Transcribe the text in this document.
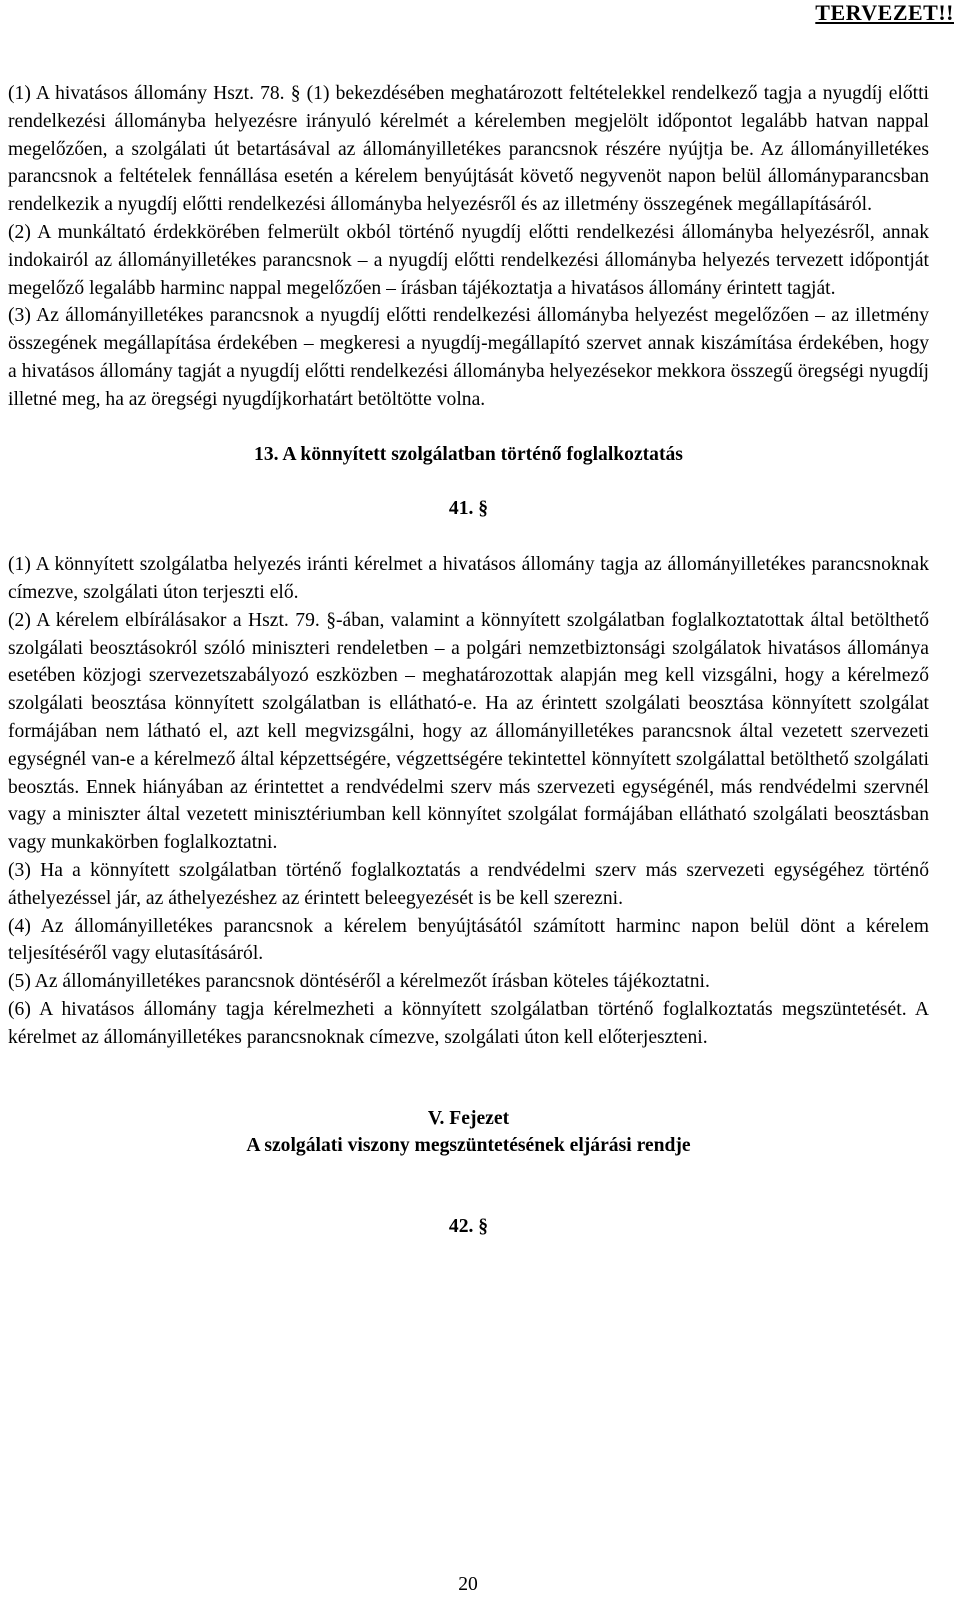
TERVEZET!!

(1) A hivatásos állomány Hszt. 78. § (1) bekezdésében meghatározott feltételekkel rendelkező tagja a nyugdíj előtti rendelkezési állományba helyezésre irányuló kérelmét a kérelemben megjelölt időpontot legalább hatvan nappal megelőzően, a szolgálati út betartásával az állományilletékes parancsnok részére nyújtja be. Az állományilletékes parancsnok a feltételek fennállása esetén a kérelem benyújtását követő negyvenöt napon belül állományparancsban rendelkezik a nyugdíj előtti rendelkezési állományba helyezésről és az illetmény összegének megállapításáról.

(2) A munkáltató érdekkörében felmerült okból történő nyugdíj előtti rendelkezési állományba helyezésről, annak indokairól az állományilletékes parancsnok – a nyugdíj előtti rendelkezési állományba helyezés tervezett időpontját megelőző legalább harminc nappal megelőzően – írásban tájékoztatja a hivatásos állomány érintett tagját.

(3) Az állományilletékes parancsnok a nyugdíj előtti rendelkezési állományba helyezést megelőzően – az illetmény összegének megállapítása érdekében – megkeresi a nyugdíj-megállapító szervet annak kiszámítása érdekében, hogy a hivatásos állomány tagját a nyugdíj előtti rendelkezési állományba helyezésekor mekkora összegű öregségi nyugdíj illetné meg, ha az öregségi nyugdíjkorhatárt betöltötte volna.

13. A könnyített szolgálatban történő foglalkoztatás

41. §

(1) A könnyített szolgálatba helyezés iránti kérelmet a hivatásos állomány tagja az állományilletékes parancsnoknak címezve, szolgálati úton terjeszti elő.

(2) A kérelem elbírálásakor a Hszt. 79. §-ában, valamint a könnyített szolgálatban foglalkoztatottak által betölthető szolgálati beosztásokról szóló miniszteri rendeletben – a polgári nemzetbiztonsági szolgálatok hivatásos állománya esetében közjogi szervezetszabályozó eszközben – meghatározottak alapján meg kell vizsgálni, hogy a kérelmező szolgálati beosztása könnyített szolgálatban is ellátható-e. Ha az érintett szolgálati beosztása könnyített szolgálat formájában nem látható el, azt kell megvizsgálni, hogy az állományilletékes parancsnok által vezetett szervezeti egységnél van-e a kérelmező által képzettségére, végzettségére tekintettel könnyített szolgálattal betölthető szolgálati beosztás. Ennek hiányában az érintettet a rendvédelmi szerv más szervezeti egységénél, más rendvédelmi szervnél vagy a miniszter által vezetett minisztériumban kell könnyítet szolgálat formájában ellátható szolgálati beosztásban vagy munkakörben foglalkoztatni.

(3) Ha a könnyített szolgálatban történő foglalkoztatás a rendvédelmi szerv más szervezeti egységéhez történő áthelyezéssel jár, az áthelyezéshez az érintett beleegyezését is be kell szerezni.

(4) Az állományilletékes parancsnok a kérelem benyújtásától számított harminc napon belül dönt a kérelem teljesítéséről vagy elutasításáról.

(5) Az állományilletékes parancsnok döntéséről a kérelmezőt írásban köteles tájékoztatni.

(6) A hivatásos állomány tagja kérelmezheti a könnyített szolgálatban történő foglalkoztatás megszüntetését. A kérelmet az állományilletékes parancsnoknak címezve, szolgálati úton kell előterjeszteni.

V. Fejezet

A szolgálati viszony megszüntetésének eljárási rendje

42. §

20
